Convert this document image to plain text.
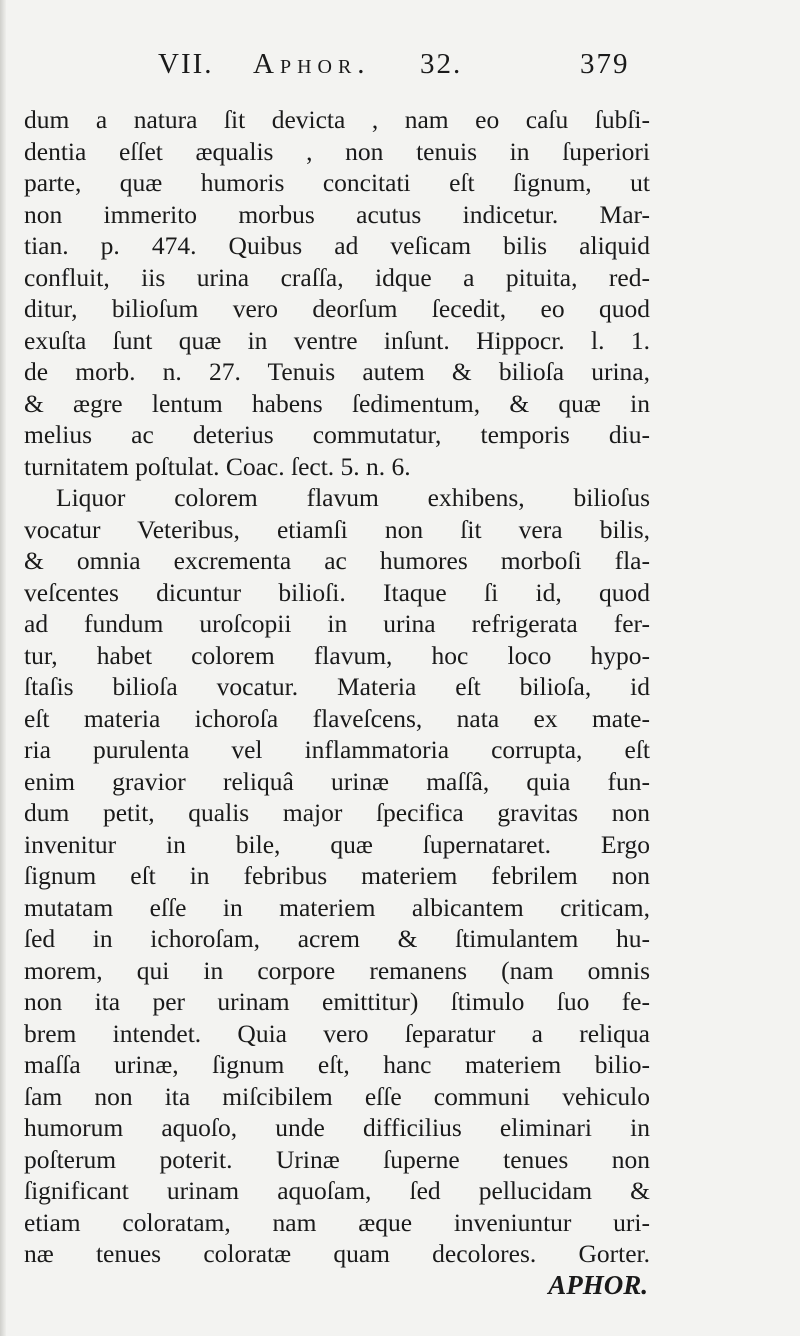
VII. Aphor. 32.	379
dum a natura ſit devicta , nam eo caſu ſubſi-
dentia eſſet æqualis , non tenuis in ſuperiori
parte, quæ humoris concitati eſt ſignum, ut
non immerito morbus acutus indicetur. Mar-
tian. p. 474. Quibus ad veſicam bilis aliquid
confluit, iis urina craſſa, idque a pituita, red-
ditur, bilioſum vero deorſum ſecedit, eo quod
exuſta ſunt quæ in ventre inſunt. Hippocr. l. 1.
de morb. n. 27. Tenuis autem & bilioſa urina,
& ægre lentum habens ſedimentum, & quæ in
melius ac deterius commutatur, temporis diu-
turnitatem poſtulat. Coac. ſect. 5. n. 6.
Liquor colorem flavum exhibens, bilioſus
vocatur Veteribus, etiamſi non ſit vera bilis,
& omnia excrementa ac humores morboſi fla-
veſcentes dicuntur bilioſi. Itaque ſi id, quod
ad fundum uroſcopii in urina refrigerata fer-
tur, habet colorem flavum, hoc loco hypo-
ſtaſis bilioſa vocatur. Materia eſt bilioſa, id
eſt materia ichoroſa flaveſcens, nata ex mate-
ria purulenta vel inflammatoria corrupta, eſt
enim gravior reliquâ urinæ maſſâ, quia fun-
dum petit, qualis major ſpecifica gravitas non
invenitur in bile, quæ ſupernataret. Ergo
ſignum eſt in febribus materiem febrilem non
mutatam eſſe in materiem albicantem criticam,
ſed in ichoroſam, acrem & ſtimulantem hu-
morem, qui in corpore remanens (nam omnis
non ita per urinam emittitur) ſtimulo ſuo fe-
brem intendet. Quia vero ſeparatur a reliqua
maſſa urinæ, ſignum eſt, hanc materiem bilio-
ſam non ita miſcibilem eſſe communi vehiculo
humorum aquoſo, unde difficilius eliminari in
poſterum poterit. Urinæ ſuperne tenues non
ſignificant urinam aquoſam, ſed pellucidam &
etiam coloratam, nam æque inveniuntur uri-
næ tenues coloratæ quam decolores. Gorter.
APHOR.
